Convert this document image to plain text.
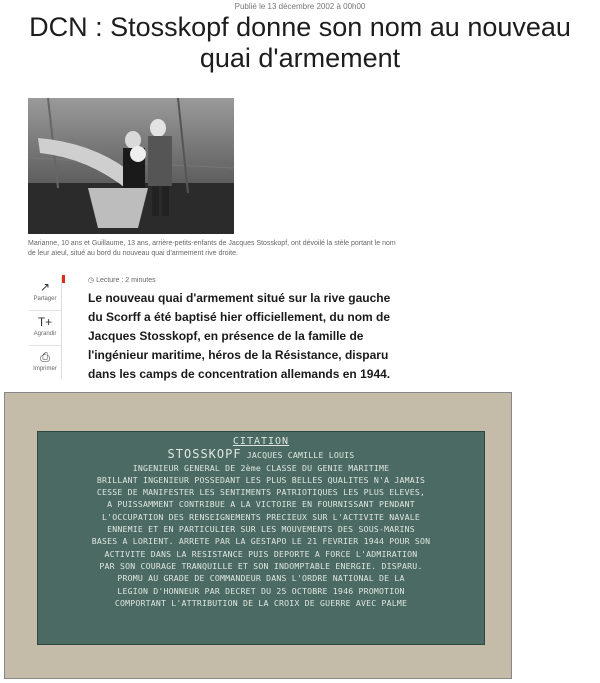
Publié le 13 décembre 2002 à 00h00
DCN : Stosskopf donne son nom au nouveau quai d'armement
Marianne, 10 ans et Guillaume, 13 ans, arrière-petits-enfants de Jacques Stosskopf, ont dévoilé la stèle portant le nom de leur aïeul, situé au bord du nouveau quai d'armement rive droite.
↗
Partager
T+
Agrandir
⎙
Imprimer
◷ Lecture : 2 minutes

Le nouveau quai d'armement situé sur la rive gauche du Scorff a été baptisé hier officiellement, du nom de Jacques Stosskopf, en présence de la famille de l'ingénieur maritime, héros de la Résistance, disparu dans les camps de concentration allemands en 1944.

CITATION
STOSSKOPF JACQUES CAMILLE LOUIS
INGENIEUR GENERAL DE 2ème CLASSE DU GENIE MARITIME
BRILLANT INGENIEUR POSSEDANT LES PLUS BELLES QUALITES N'A JAMAIS
CESSE DE MANIFESTER LES SENTIMENTS PATRIOTIQUES LES PLUS ELEVES,
A PUISSAMMENT CONTRIBUE A LA VICTOIRE EN FOURNISSANT PENDANT
L'OCCUPATION DES RENSEIGNEMENTS PRECIEUX SUR L'ACTIVITE NAVALE
ENNEMIE ET EN PARTICULIER SUR LES MOUVEMENTS DES SOUS-MARINS
BASES A LORIENT. ARRETE PAR LA GESTAPO LE 21 FEVRIER 1944 POUR SON
ACTIVITE DANS LA RESISTANCE PUIS DEPORTE A FORCE L'ADMIRATION
PAR SON COURAGE TRANQUILLE ET SON INDOMPTABLE ENERGIE. DISPARU.
PROMU AU GRADE DE COMMANDEUR DANS L'ORDRE NATIONAL DE LA
LEGION D'HONNEUR PAR DECRET DU 25 OCTOBRE 1946 PROMOTION
COMPORTANT L'ATTRIBUTION DE LA CROIX DE GUERRE AVEC PALME
